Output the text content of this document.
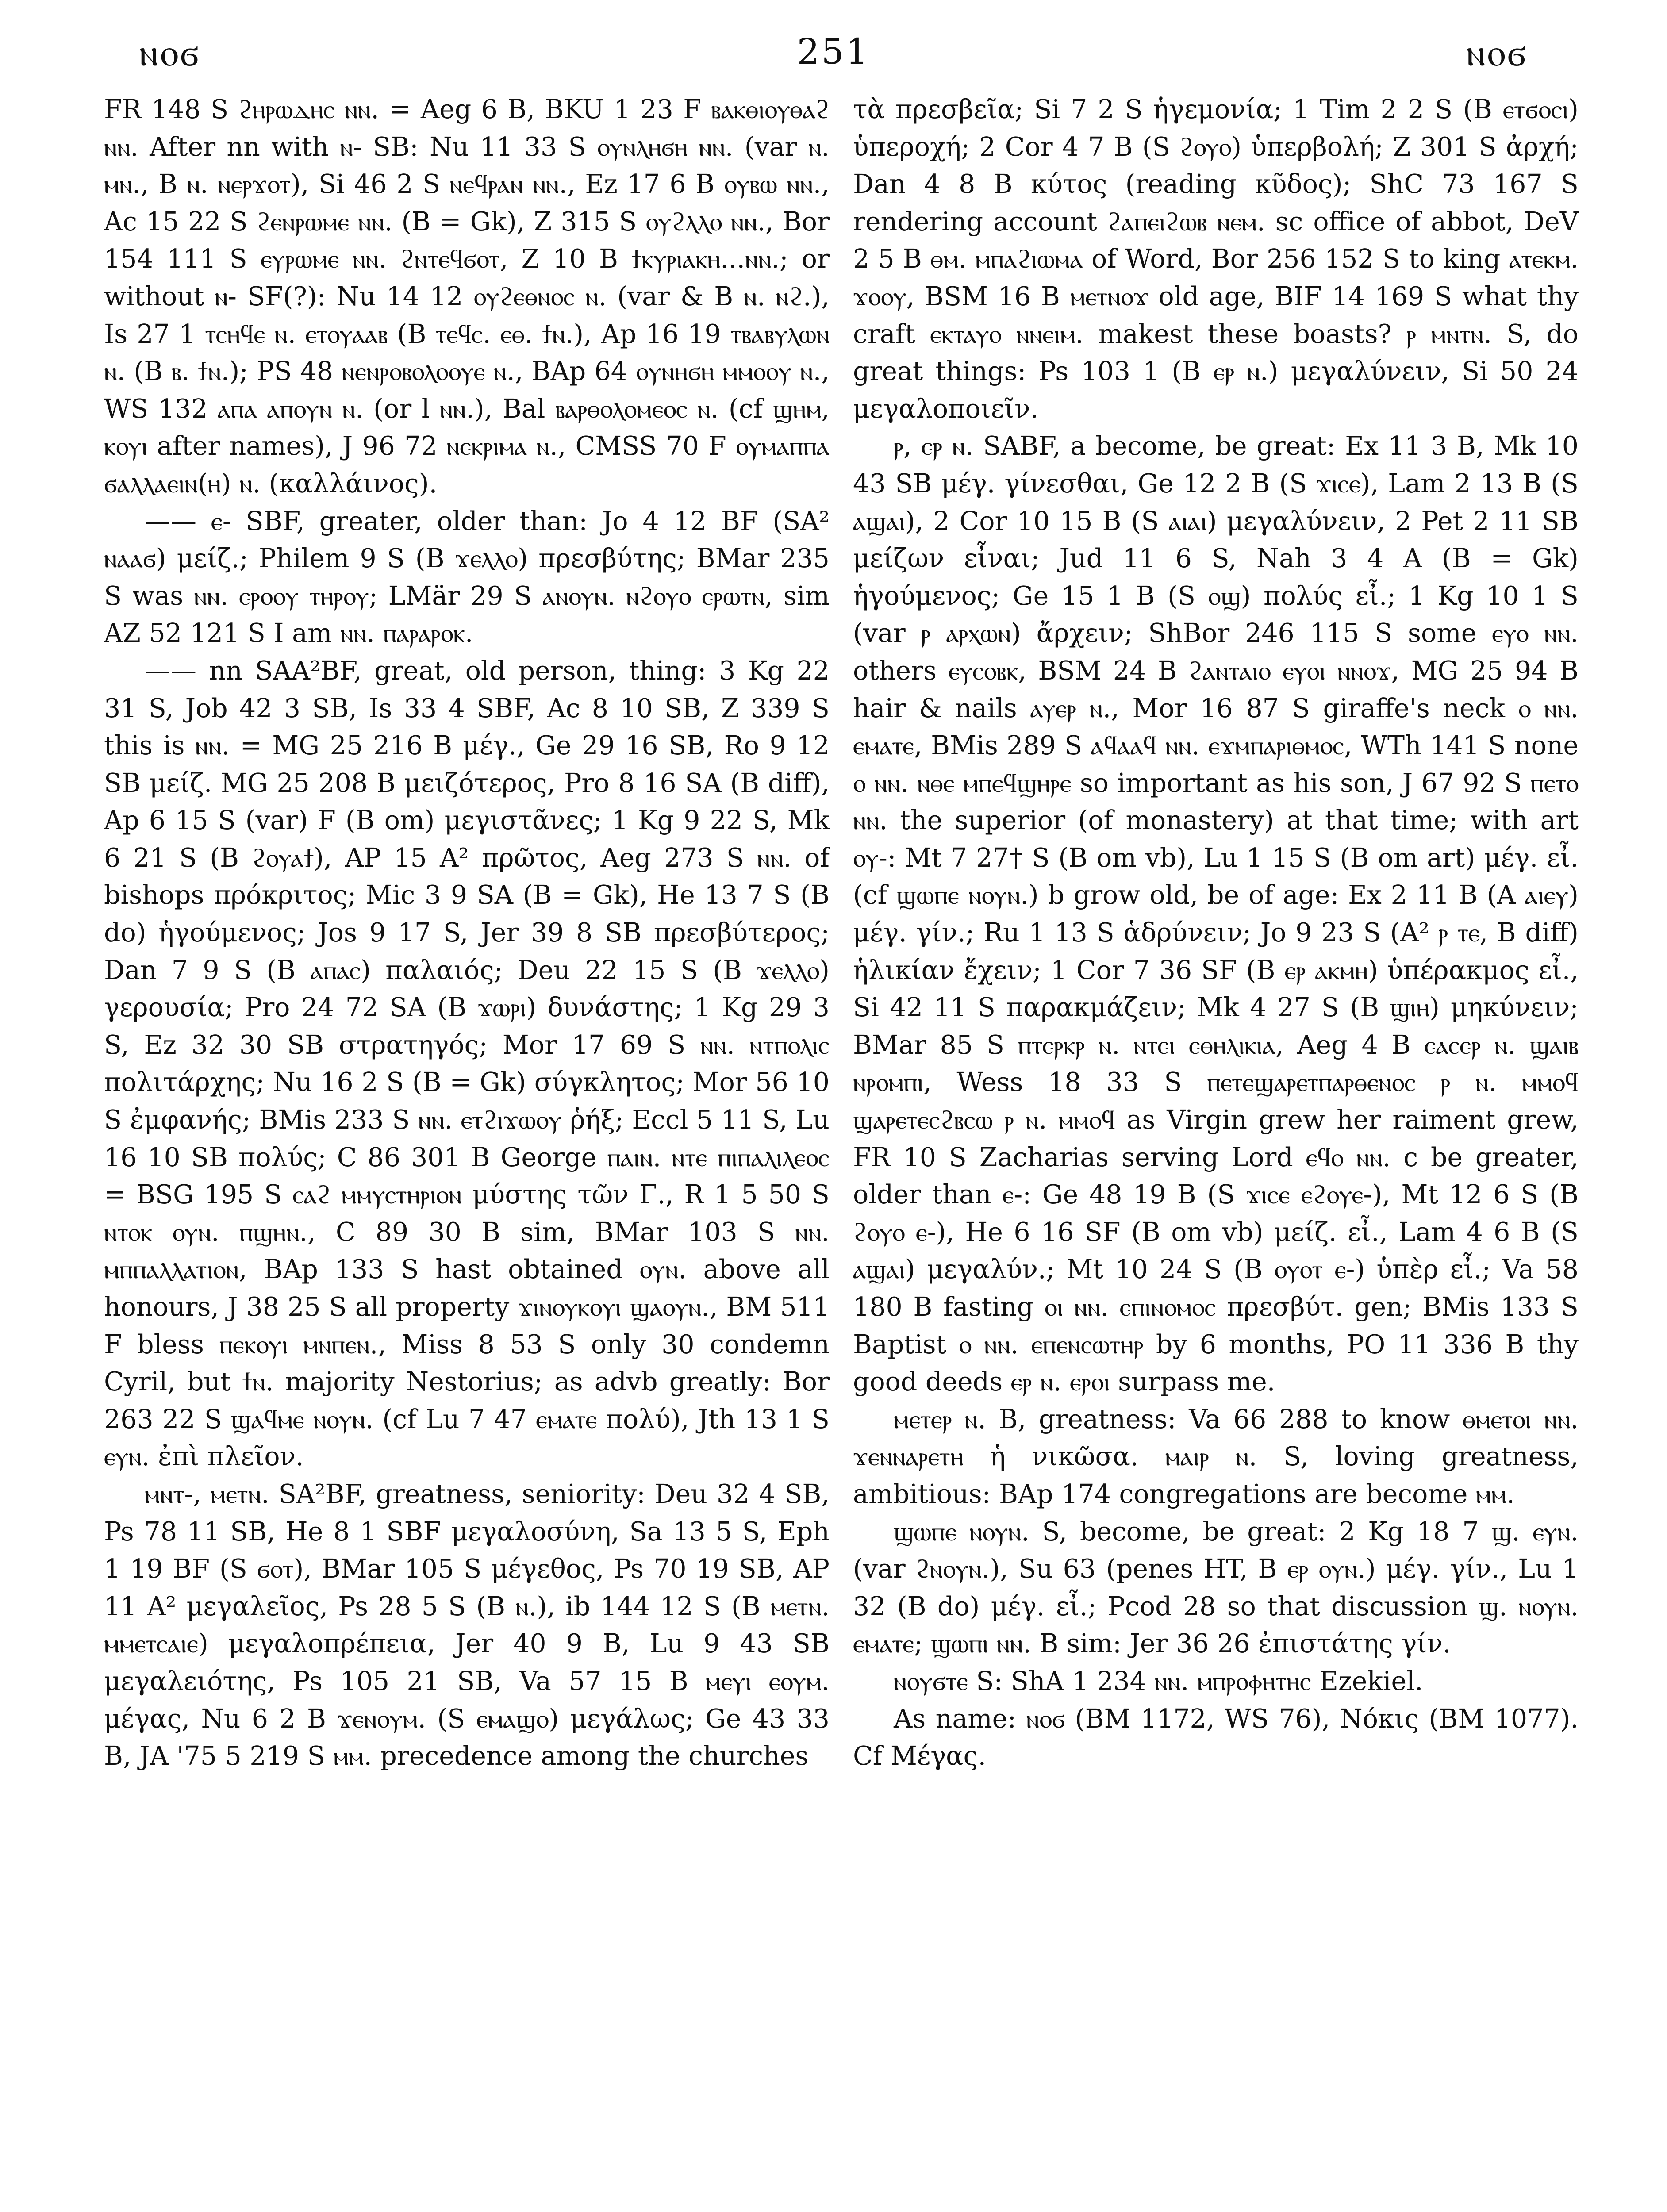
ⲛⲟϭ	251	ⲛⲟϭ

FR 148 S ϩⲏⲣⲱⲇⲏⲥ ⲛⲛ. = Aeg 6 B, BKU 1 23 F ⲃⲁⲕⲑⲓⲟⲩⲑⲁϩ ⲛⲛ. After nn with ⲛ- SB: Nu 11 33 S ⲟⲩⲛⲗⲏϭⲏ ⲛⲛ. (var ⲛ. ⲙⲛ., B ⲛ. ⲛⲉⲣϫⲟⲧ), Si 46 2 S ⲛⲉϥⲣⲁⲛ ⲛⲛ., Ez 17 6 B ⲟⲩⲃⲱ ⲛⲛ., Ac 15 22 S ϩⲉⲛⲣⲱⲙⲉ ⲛⲛ. (B = Gk), Z 315 S ⲟⲩϩⲗⲗⲟ ⲛⲛ., Bor 154 111 S ⲉⲩⲣⲱⲙⲉ ⲛⲛ. ϩⲛⲧⲉϥϭⲟⲧ, Z 10 B ϯⲕⲩⲣⲓⲁⲕⲏ...ⲛⲛ.; or without ⲛ- SF(?): Nu 14 12 ⲟⲩϩⲉⲑⲛⲟⲥ ⲛ. (var & B ⲛ. ⲛϩ.), Is 27 1 ⲧⲥⲏϥⲉ ⲛ. ⲉⲧⲟⲩⲁⲁⲃ (B ⲧⲉϥⲥ. ⲉⲑ. ϯⲛ.), Ap 16 19 ⲧⲃⲁⲃⲩⲗⲱⲛ ⲛ. (B ⲃ. ϯⲛ.); PS 48 ⲛⲉⲛⲣⲟⲃⲟⲗⲟⲟⲩⲉ ⲛ., BAp 64 ⲟⲩⲛⲏϭⲏ ⲙⲙⲟⲟⲩ ⲛ., WS 132 ⲁⲡⲁ ⲁⲡⲟⲩⲛ ⲛ. (or l ⲛⲛ.), Bal ⲃⲁⲣⲑⲟⲗⲟⲙⲉⲟⲥ ⲛ. (cf ϣⲏⲙ, ⲕⲟⲩⲓ after names), J 96 72 ⲛⲉⲕⲣⲓⲙⲁ ⲛ., CMSS 70 F ⲟⲩⲙⲁⲡⲡⲁ ϭⲁⲗⲗⲁⲉⲓⲛ(ⲏ) ⲛ. (καλλάινος).

—— ⲉ- SBF, greater, older than: Jo 4 12 BF (SA² ⲛⲁⲁϭ) μείζ.; Philem 9 S (B ϫⲉⲗⲗⲟ) πρεσβύτης; BMar 235 S was ⲛⲛ. ⲉⲣⲟⲟⲩ ⲧⲏⲣⲟⲩ; LMär 29 S ⲁⲛⲟⲩⲛ. ⲛϩⲟⲩⲟ ⲉⲣⲱⲧⲛ, sim AZ 52 121 S I am ⲛⲛ. ⲡⲁⲣⲁⲣⲟⲕ.

—— nn SAA²BF, great, old person, thing: 3 Kg 22 31 S, Job 42 3 SB, Is 33 4 SBF, Ac 8 10 SB, Z 339 S this is ⲛⲛ. = MG 25 216 B μέγ., Ge 29 16 SB, Ro 9 12 SB μείζ. MG 25 208 B μειζότερος, Pro 8 16 SA (B diff), Ap 6 15 S (var) F (B om) μεγιστᾶνες; 1 Kg 9 22 S, Mk 6 21 S (B ϩⲟⲩⲁϯ), AP 15 A² πρῶτος, Aeg 273 S ⲛⲛ. of bishops πρόκριτος; Mic 3 9 SA (B = Gk), He 13 7 S (B do) ἡγούμενος; Jos 9 17 S, Jer 39 8 SB πρεσβύτερος; Dan 7 9 S (B ⲁⲡⲁⲥ) παλαιός; Deu 22 15 S (B ϫⲉⲗⲗⲟ) γερουσία; Pro 24 72 SA (B ϫⲱⲣⲓ) δυνάστης; 1 Kg 29 3 S, Ez 32 30 SB στρατηγός; Mor 17 69 S ⲛⲛ. ⲛⲧⲡⲟⲗⲓⲥ πολιτάρχης; Nu 16 2 S (B = Gk) σύγκλητος; Mor 56 10 S ἐμφανής; BMis 233 S ⲛⲛ. ⲉⲧϩⲓϫⲱⲟⲩ ῥήξ; Eccl 5 11 S, Lu 16 10 SB πολύς; C 86 301 B George ⲡⲁⲓⲛ. ⲛⲧⲉ ⲡⲓⲡⲁⲗⲓⲗⲉⲟⲥ = BSG 195 S ⲥⲁϩ ⲙⲙⲩⲥⲧⲏⲣⲓⲟⲛ μύστης τῶν Γ., R 1 5 50 S ⲛⲧⲟⲕ ⲟⲩⲛ. ⲡϣⲏⲛ., C 89 30 B sim, BMar 103 S ⲛⲛ. ⲙⲡⲡⲁⲗⲗⲁⲧⲓⲟⲛ, BAp 133 S hast obtained ⲟⲩⲛ. above all honours, J 38 25 S all property ϫⲓⲛⲟⲩⲕⲟⲩⲓ ϣⲁⲟⲩⲛ., BM 511 F bless ⲡⲉⲕⲟⲩⲓ ⲙⲛⲡⲉⲛ., Miss 8 53 S only 30 condemn Cyril, but ϯⲛ. majority Nestorius; as advb greatly: Bor 263 22 S ϣⲁϥⲙⲉ ⲛⲟⲩⲛ. (cf Lu 7 47 ⲉⲙⲁⲧⲉ πολύ), Jth 13 1 S ⲉⲩⲛ. ἐπὶ πλεῖον.

ⲙⲛⲧ-, ⲙⲉⲧⲛ. SA²BF, greatness, seniority: Deu 32 4 SB, Ps 78 11 SB, He 8 1 SBF μεγαλοσύνη, Sa 13 5 S, Eph 1 19 BF (S ϭⲟⲧ), BMar 105 S μέγεθος, Ps 70 19 SB, AP 11 A² μεγαλεῖος, Ps 28 5 S (B ⲛ.), ib 144 12 S (B ⲙⲉⲧⲛ. ⲙⲙⲉⲧⲥⲁⲓⲉ) μεγαλοπρέπεια, Jer 40 9 B, Lu 9 43 SB μεγαλειότης, Ps 105 21 SB, Va 57 15 B ⲙⲉⲩⲓ ⲉⲟⲩⲙ. μέγας, Nu 6 2 B ϫⲉⲛⲟⲩⲙ. (S ⲉⲙⲁϣⲟ) μεγάλως; Ge 43 33 B, JA '75 5 219 S ⲙⲙ. precedence among the churches

τὰ πρεσβεῖα; Si 7 2 S ἡγεμονία; 1 Tim 2 2 S (B ⲉⲧϭⲟⲥⲓ) ὑπεροχή; 2 Cor 4 7 B (S ϩⲟⲩⲟ) ὑπερβολή; Z 301 S ἀρχή; Dan 4 8 B κύτος (reading κῦδος); ShC 73 167 S rendering account ϩⲁⲡⲉⲓϩⲱⲃ ⲛⲉⲙ. sc office of abbot, DeV 2 5 B ⲑⲙ. ⲙⲡⲁϩⲓⲱⲙⲁ of Word, Bor 256 152 S to king ⲁⲧⲉⲕⲙ. ϫⲟⲟⲩ, BSM 16 B ⲙⲉⲧⲛⲟϫ old age, BIF 14 169 S what thy craft ⲉⲕⲧⲁⲩⲟ ⲛⲛⲉⲓⲙ. makest these boasts? ⲣ ⲙⲛⲧⲛ. S, do great things: Ps 103 1 (B ⲉⲣ ⲛ.) μεγαλύνειν, Si 50 24 μεγαλοποιεῖν.

ⲣ, ⲉⲣ ⲛ. SABF, a become, be great: Ex 11 3 B, Mk 10 43 SB μέγ. γίνεσθαι, Ge 12 2 B (S ϫⲓⲥⲉ), Lam 2 13 B (S ⲁϣⲁⲓ), 2 Cor 10 15 B (S ⲁⲓⲁⲓ) μεγαλύνειν, 2 Pet 2 11 SB μείζων εἶναι; Jud 11 6 S, Nah 3 4 A (B = Gk) ἡγούμενος; Ge 15 1 B (S ⲟϣ) πολύς εἶ.; 1 Kg 10 1 S (var ⲣ ⲁⲣⲭⲱⲛ) ἄρχειν; ShBor 246 115 S some ⲉⲩⲟ ⲛⲛ. others ⲉⲩⲥⲟⲃⲕ, BSM 24 B ϩⲁⲛⲧⲁⲓⲟ ⲉⲩⲟⲓ ⲛⲛⲟϫ, MG 25 94 B hair & nails ⲁⲩⲉⲣ ⲛ., Mor 16 87 S giraffe's neck ⲟ ⲛⲛ. ⲉⲙⲁⲧⲉ, BMis 289 S ⲁϥⲁⲁϥ ⲛⲛ. ⲉϫⲙⲡⲁⲣⲓⲑⲙⲟⲥ, WTh 141 S none ⲟ ⲛⲛ. ⲛⲑⲉ ⲙⲡⲉϥϣⲏⲣⲉ so important as his son, J 67 92 S ⲡⲉⲧⲟ ⲛⲛ. the superior (of monastery) at that time; with art ⲟⲩ-: Mt 7 27† S (B om vb), Lu 1 15 S (B om art) μέγ. εἶ. (cf ϣⲱⲡⲉ ⲛⲟⲩⲛ.) b grow old, be of age: Ex 2 11 B (A ⲁⲓⲉⲩ) μέγ. γίν.; Ru 1 13 S ἁδρύνειν; Jo 9 23 S (A² ⲣ ⲧⲉ, B diff) ἡλικίαν ἔχειν; 1 Cor 7 36 SF (B ⲉⲣ ⲁⲕⲙⲏ) ὑπέρακμος εἶ., Si 42 11 S παρακμάζειν; Mk 4 27 S (B ϣⲓⲏ) μηκύνειν; BMar 85 S ⲡⲧⲉⲣⲕⲣ ⲛ. ⲛⲧⲉⲓ ⲉⲑⲏⲗⲓⲕⲓⲁ, Aeg 4 B ⲉⲁⲥⲉⲣ ⲛ. ϣⲁⲓⲃ ⲛⲣⲟⲙⲡⲓ, Wess 18 33 S ⲡⲉⲧⲉϣⲁⲣⲉⲧⲡⲁⲣⲑⲉⲛⲟⲥ ⲣ ⲛ. ⲙⲙⲟϥ ϣⲁⲣⲉⲧⲉⲥϩⲃⲥⲱ ⲣ ⲛ. ⲙⲙⲟϥ as Virgin grew her raiment grew, FR 10 S Zacharias serving Lord ⲉϥⲟ ⲛⲛ. c be greater, older than ⲉ-: Ge 48 19 B (S ϫⲓⲥⲉ ⲉϩⲟⲩⲉ-), Mt 12 6 S (B ϩⲟⲩⲟ ⲉ-), He 6 16 SF (B om vb) μείζ. εἶ., Lam 4 6 B (S ⲁϣⲁⲓ) μεγαλύν.; Mt 10 24 S (B ⲟⲩⲟⲧ ⲉ-) ὑπὲρ εἶ.; Va 58 180 B fasting ⲟⲓ ⲛⲛ. ⲉⲡⲓⲛⲟⲙⲟⲥ πρεσβύτ. gen; BMis 133 S Baptist ⲟ ⲛⲛ. ⲉⲡⲉⲛⲥⲱⲧⲏⲣ by 6 months, PO 11 336 B thy good deeds ⲉⲣ ⲛ. ⲉⲣⲟⲓ surpass me.

ⲙⲉⲧⲉⲣ ⲛ. B, greatness: Va 66 288 to know ⲑⲙⲉⲧⲟⲓ ⲛⲛ. ϫⲉⲛⲛⲁⲣⲉⲧⲏ ἡ νικῶσα. ⲙⲁⲓⲣ ⲛ. S, loving greatness, ambitious: BAp 174 congregations are become ⲙⲙ.

ϣⲱⲡⲉ ⲛⲟⲩⲛ. S, become, be great: 2 Kg 18 7 ϣ. ⲉⲩⲛ. (var ϩⲛⲟⲩⲛ.), Su 63 (penes HT, B ⲉⲣ ⲟⲩⲛ.) μέγ. γίν., Lu 1 32 (B do) μέγ. εἶ.; Pcod 28 so that discussion ϣ. ⲛⲟⲩⲛ. ⲉⲙⲁⲧⲉ; ϣⲱⲡⲓ ⲛⲛ. B sim: Jer 36 26 ἐπιστάτης γίν.

ⲛⲟⲩϭⲧⲉ S: ShA 1 234 ⲛⲛ. ⲙⲡⲣⲟⲫⲏⲧⲏⲥ Ezekiel.

As name: ⲛⲟϭ (BM 1172, WS 76), Νόκις (BM 1077). Cf Μέγας.
